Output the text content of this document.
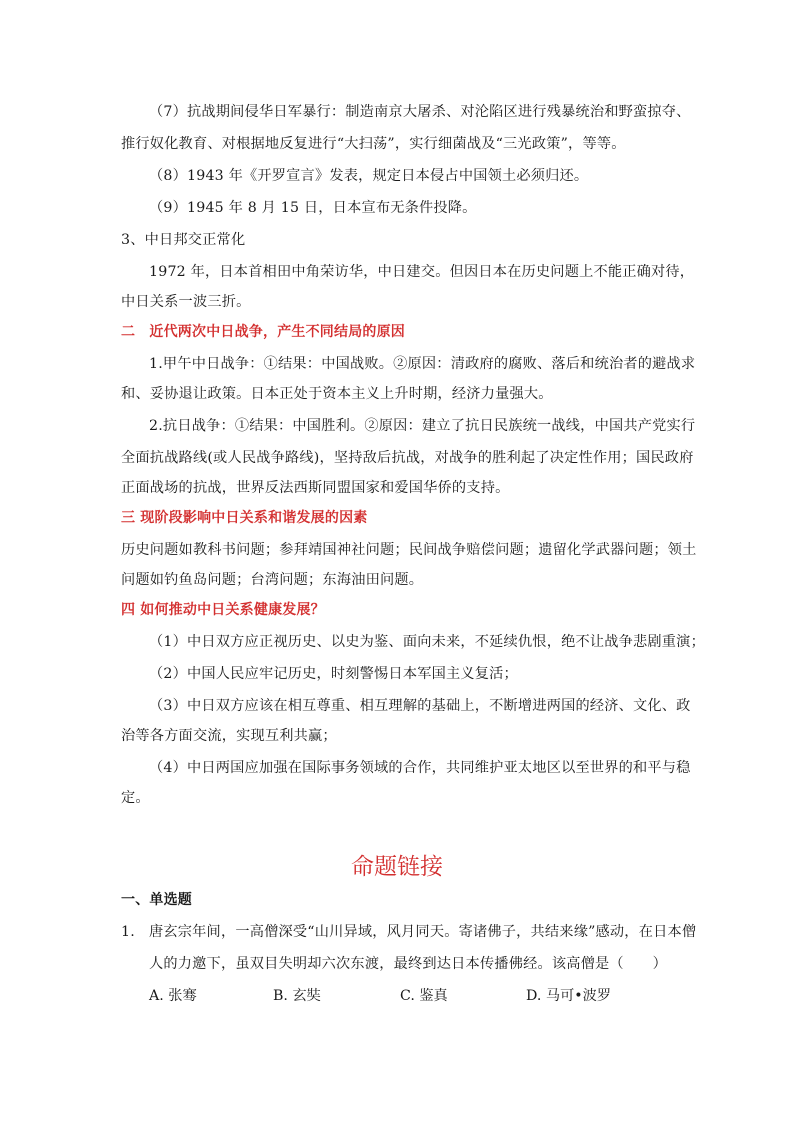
（7）抗战期间侵华日军暴行：制造南京大屠杀、对沦陷区进行残暴统治和野蛮掠夺、
推行奴化教育、对根据地反复进行“大扫荡”，实行细菌战及“三光政策”，等等。
（8）1943 年《开罗宣言》发表，规定日本侵占中国领土必须归还。
（9）1945 年 8 月 15 日，日本宣布无条件投降。
3、中日邦交正常化
1972 年，日本首相田中角荣访华，中日建交。但因日本在历史问题上不能正确对待，
中日关系一波三折。
二　近代两次中日战争，产生不同结局的原因
1.甲午中日战争：①结果：中国战败。②原因：清政府的腐败、落后和统治者的避战求
和、妥协退让政策。日本正处于资本主义上升时期，经济力量强大。
2.抗日战争：①结果：中国胜利。②原因：建立了抗日民族统一战线，中国共产党实行
全面抗战路线(或人民战争路线)，坚持敌后抗战，对战争的胜利起了决定性作用；国民政府
正面战场的抗战，世界反法西斯同盟国家和爱国华侨的支持。
三 现阶段影响中日关系和谐发展的因素
历史问题如教科书问题；参拜靖国神社问题；民间战争赔偿问题；遗留化学武器问题；领土
问题如钓鱼岛问题；台湾问题；东海油田问题。
四 如何推动中日关系健康发展？
（1）中日双方应正视历史、以史为鉴、面向未来，不延续仇恨，绝不让战争悲剧重演；
（2）中国人民应牢记历史，时刻警惕日本军国主义复活；
（3）中日双方应该在相互尊重、相互理解的基础上，不断增进两国的经济、文化、政
治等各方面交流，实现互利共赢；
（4）中日两国应加强在国际事务领域的合作，共同维护亚太地区以至世界的和平与稳
定。
命题链接
一、单选题
1. 唐玄宗年间，一高僧深受“山川异域，风月同天。寄诸佛子，共结来缘”感动，在日本僧
人的力邀下，虽双目失明却六次东渡，最终到达日本传播佛经。该高僧是（　　）
A. 张骞	B. 玄奘	C. 鉴真	D. 马可•波罗
